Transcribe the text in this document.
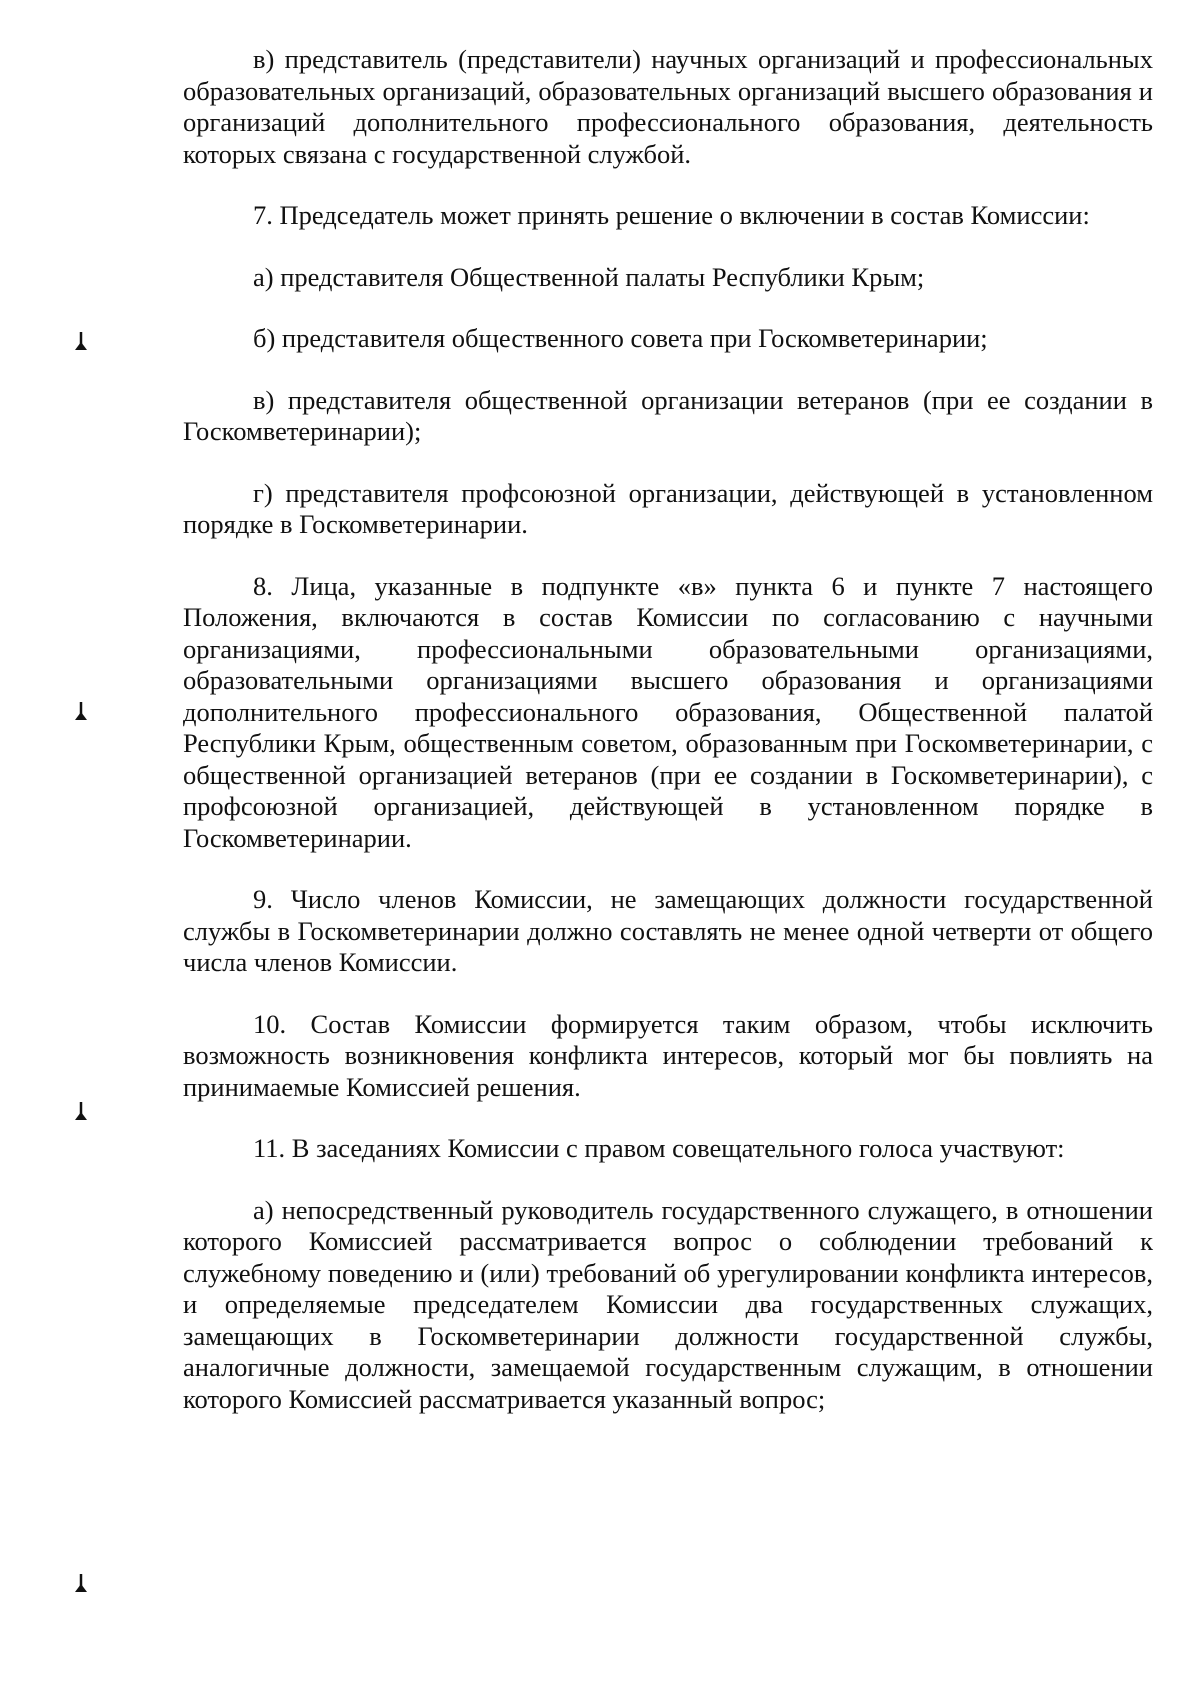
в) представитель (представители) научных организаций и профессиональных образовательных организаций, образовательных организаций высшего образования и организаций дополнительного профессионального образования, деятельность которых связана с государственной службой.

7. Председатель может принять решение о включении в состав Комиссии:

а) представителя Общественной палаты Республики Крым;

б) представителя общественного совета при Госкомветеринарии;

в) представителя общественной организации ветеранов (при ее создании в Госкомветеринарии);

г) представителя профсоюзной организации, действующей в установленном порядке в Госкомветеринарии.

8. Лица, указанные в подпункте «в» пункта 6 и пункте 7 настоящего Положения, включаются в состав Комиссии по согласованию с научными организациями, профессиональными образовательными организациями, образовательными организациями высшего образования и организациями дополнительного профессионального образования, Общественной палатой Республики Крым, общественным советом, образованным при Госкомветеринарии, с общественной организацией ветеранов (при ее создании в Госкомветеринарии), с профсоюзной организацией, действующей в установленном порядке в Госкомветеринарии.

9. Число членов Комиссии, не замещающих должности государственной службы в Госкомветеринарии должно составлять не менее одной четверти от общего числа членов Комиссии.

10. Состав Комиссии формируется таким образом, чтобы исключить возможность возникновения конфликта интересов, который мог бы повлиять на принимаемые Комиссией решения.

11. В заседаниях Комиссии с правом совещательного голоса участвуют:

а) непосредственный руководитель государственного служащего, в отношении которого Комиссией рассматривается вопрос о соблюдении требований к служебному поведению и (или) требований об урегулировании конфликта интересов, и определяемые председателем Комиссии два государственных служащих, замещающих в Госкомветеринарии должности государственной службы, аналогичные должности, замещаемой государственным служащим, в отношении которого Комиссией рассматривается указанный вопрос;
